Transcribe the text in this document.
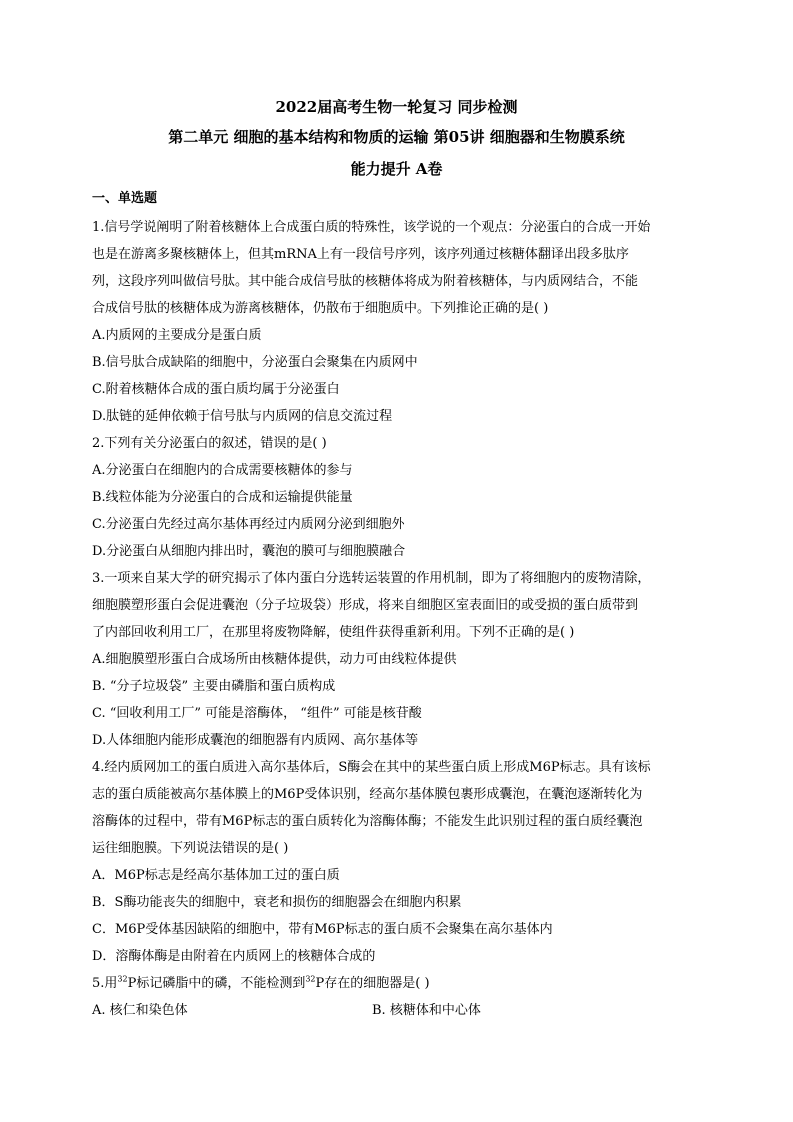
2022届高考生物一轮复习 同步检测
第二单元 细胞的基本结构和物质的运输 第05讲 细胞器和生物膜系统
能力提升 A卷
一、单选题
1.信号学说阐明了附着核糖体上合成蛋白质的特殊性，该学说的一个观点：分泌蛋白的合成一开始
也是在游离多聚核糖体上，但其mRNA上有一段信号序列，该序列通过核糖体翻译出段多肽序
列，这段序列叫做信号肽。其中能合成信号肽的核糖体将成为附着核糖体，与内质网结合，不能
合成信号肽的核糖体成为游离核糖体，仍散布于细胞质中。下列推论正确的是( )
A.内质网的主要成分是蛋白质
B.信号肽合成缺陷的细胞中，分泌蛋白会聚集在内质网中
C.附着核糖体合成的蛋白质均属于分泌蛋白
D.肽链的延伸依赖于信号肽与内质网的信息交流过程
2.下列有关分泌蛋白的叙述，错误的是( )
A.分泌蛋白在细胞内的合成需要核糖体的参与
B.线粒体能为分泌蛋白的合成和运输提供能量
C.分泌蛋白先经过高尔基体再经过内质网分泌到细胞外
D.分泌蛋白从细胞内排出时，囊泡的膜可与细胞膜融合
3.一项来自某大学的研究揭示了体内蛋白分选转运装置的作用机制，即为了将细胞内的废物清除，
细胞膜塑形蛋白会促进囊泡（分子垃圾袋）形成，将来自细胞区室表面旧的或受损的蛋白质带到
了内部回收利用工厂，在那里将废物降解，使组件获得重新利用。下列不正确的是( )
A.细胞膜塑形蛋白合成场所由核糖体提供，动力可由线粒体提供
B. “分子垃圾袋” 主要由磷脂和蛋白质构成
C. “回收利用工厂” 可能是溶酶体， “组件” 可能是核苷酸
D.人体细胞内能形成囊泡的细胞器有内质网、高尔基体等
4.经内质网加工的蛋白质进入高尔基体后，S酶会在其中的某些蛋白质上形成M6P标志。具有该标
志的蛋白质能被高尔基体膜上的M6P受体识别，经高尔基体膜包裹形成囊泡，在囊泡逐渐转化为
溶酶体的过程中，带有M6P标志的蛋白质转化为溶酶体酶；不能发生此识别过程的蛋白质经囊泡
运往细胞膜。下列说法错误的是( )
A．M6P标志是经高尔基体加工过的蛋白质
B．S酶功能丧失的细胞中，衰老和损伤的细胞器会在细胞内积累
C．M6P受体基因缺陷的细胞中，带有M6P标志的蛋白质不会聚集在高尔基体内
D．溶酶体酶是由附着在内质网上的核糖体合成的
5.用$^{32}$P标记磷脂中的磷，不能检测到$^{32}$P存在的细胞器是( )
A. 核仁和染色体	B. 核糖体和中心体
